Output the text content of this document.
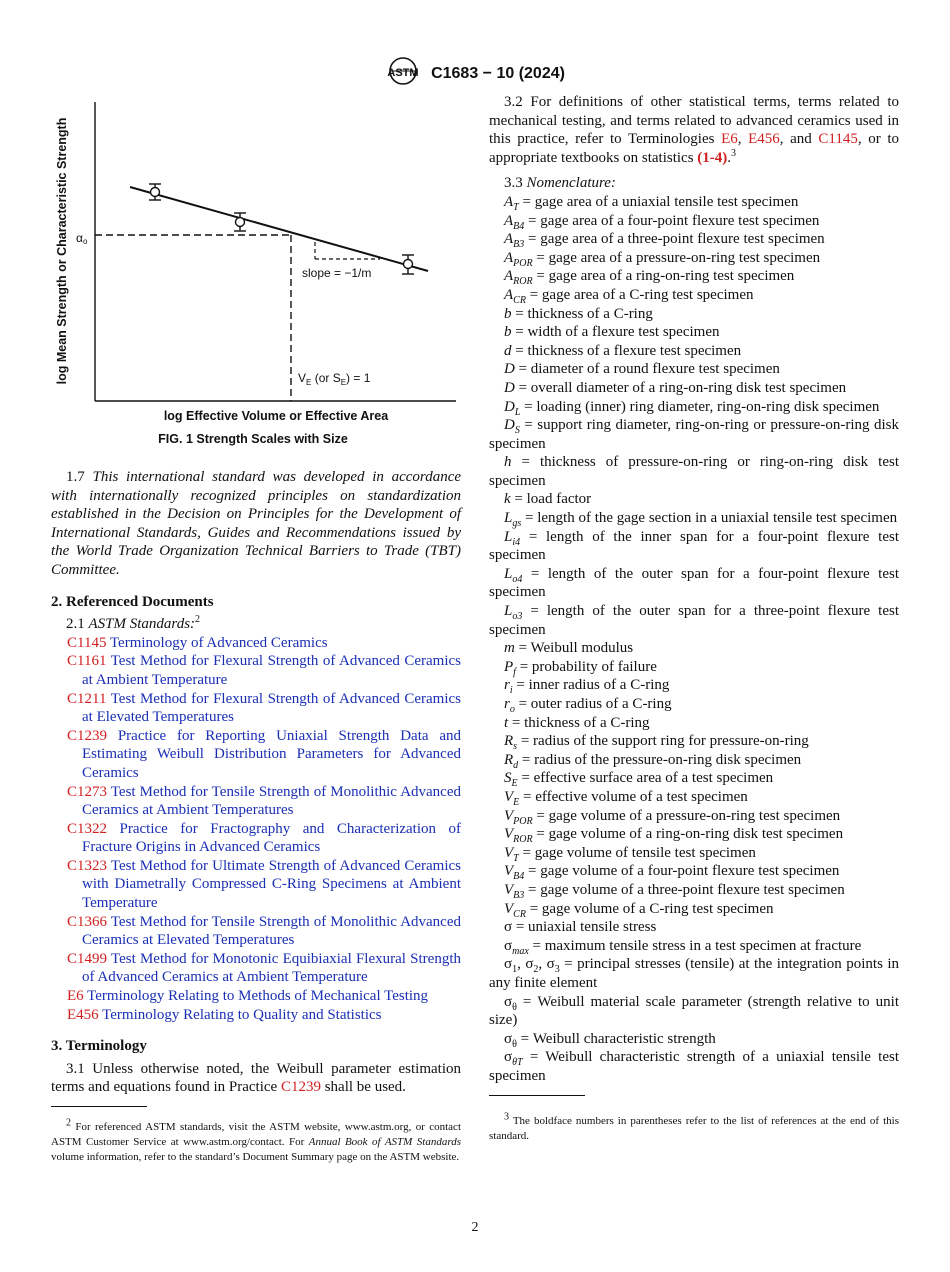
ASTM C1683 − 10 (2024)
log Mean Strength or Characteristic Strength
log Effective Volume or Effective Area
αo
slope = −1/m
$V_E$ (or $S_E) = 1$
FIG. 1 Strength Scales with Size

1.7 This international standard was developed in accordance with internationally recognized principles on standardization established in the Decision on Principles for the Development of International Standards, Guides and Recommendations issued by the World Trade Organization Technical Barriers to Trade (TBT) Committee.

2. Referenced Documents
2.1 ASTM Standards:$^2$
C1145 Terminology of Advanced Ceramics
C1161 Test Method for Flexural Strength of Advanced Ceramics at Ambient Temperature
C1211 Test Method for Flexural Strength of Advanced Ceramics at Elevated Temperatures
C1239 Practice for Reporting Uniaxial Strength Data and Estimating Weibull Distribution Parameters for Advanced Ceramics
C1273 Test Method for Tensile Strength of Monolithic Advanced Ceramics at Ambient Temperatures
C1322 Practice for Fractography and Characterization of Fracture Origins in Advanced Ceramics
C1323 Test Method for Ultimate Strength of Advanced Ceramics with Diametrally Compressed C-Ring Specimens at Ambient Temperature
C1366 Test Method for Tensile Strength of Monolithic Advanced Ceramics at Elevated Temperatures
C1499 Test Method for Monotonic Equibiaxial Flexural Strength of Advanced Ceramics at Ambient Temperature
E6 Terminology Relating to Methods of Mechanical Testing
E456 Terminology Relating to Quality and Statistics
3. Terminology

3.1 Unless otherwise noted, the Weibull parameter estimation terms and equations found in Practice C1239 shall be used.

$^2$ For referenced ASTM standards, visit the ASTM website, www.astm.org, or contact ASTM Customer Service at www.astm.org/contact. For Annual Book of ASTM Standards volume information, refer to the standard’s Document Summary page on the ASTM website.

3.2 For definitions of other statistical terms, terms related to mechanical testing, and terms related to advanced ceramics used in this practice, refer to Terminologies E6, E456, and C1145, or to appropriate textbooks on statistics (1-4).$^3$

3.3 Nomenclature:
$A_T$ = gage area of a uniaxial tensile test specimen
$A_{B4}$ = gage area of a four-point flexure test specimen
$A_{B3}$ = gage area of a three-point flexure test specimen
$A_{POR}$ = gage area of a pressure-on-ring test specimen
$A_{ROR}$ = gage area of a ring-on-ring test specimen
$A_{CR}$ = gage area of a C-ring test specimen
b = thickness of a C-ring
b = width of a flexure test specimen
d = thickness of a flexure test specimen
D = diameter of a round flexure test specimen
D = overall diameter of a ring-on-ring disk test specimen
$D_L$ = loading (inner) ring diameter, ring-on-ring disk specimen
$D_S$ = support ring diameter, ring-on-ring or pressure-on-ring disk specimen
h = thickness of pressure-on-ring or ring-on-ring disk test specimen
k = load factor
$L_{gs}$ = length of the gage section in a uniaxial tensile test specimen
$L_{i4}$ = length of the inner span for a four-point flexure test specimen
$L_{o4}$ = length of the outer span for a four-point flexure test specimen
$L_{o3}$ = length of the outer span for a three-point flexure test specimen
m = Weibull modulus
$P_f$ = probability of failure
$r_i$ = inner radius of a C-ring
$r_o$ = outer radius of a C-ring
t = thickness of a C-ring
$R_s$ = radius of the support ring for pressure-on-ring
$R_d$ = radius of the pressure-on-ring disk specimen
$S_E$ = effective surface area of a test specimen
$V_E$ = effective volume of a test specimen
$V_{POR}$ = gage volume of a pressure-on-ring test specimen
$V_{ROR}$ = gage volume of a ring-on-ring disk test specimen
$V_T$ = gage volume of tensile test specimen
$V_{B4}$ = gage volume of a four-point flexure test specimen
$V_{B3}$ = gage volume of a three-point flexure test specimen
$V_{CR}$ = gage volume of a C-ring test specimen
σ = uniaxial tensile stress
$\sigma_{max}$ = maximum tensile stress in a test specimen at fracture
$\sigma_1$, $\sigma_2$, $\sigma_3$ = principal stresses (tensile) at the integration points in any finite element
$\sigma_\theta$ = Weibull material scale parameter (strength relative to unit size)
$\sigma_\theta$ = Weibull characteristic strength
$\sigma_{\theta T}$ = Weibull characteristic strength of a uniaxial tensile test specimen

$^3$ The boldface numbers in parentheses refer to the list of references at the end of this standard.

2
